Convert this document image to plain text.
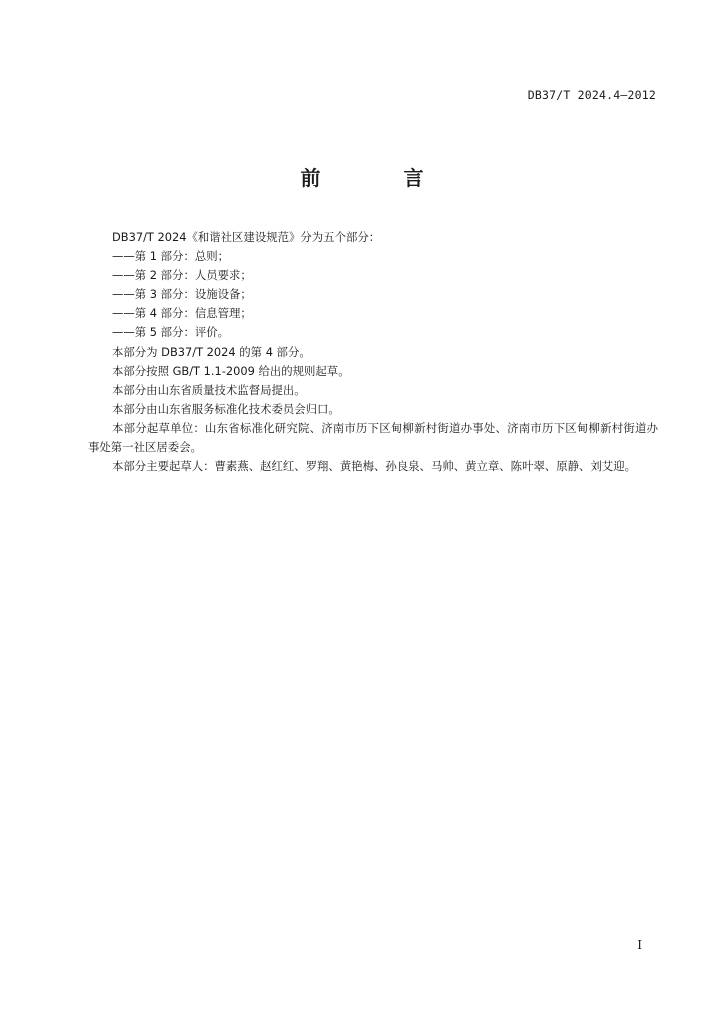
DB37/T 2024.4—2012
前 言

DB37/T 2024《和谐社区建设规范》分为五个部分：

——第 1 部分：总则；

——第 2 部分：人员要求；

——第 3 部分：设施设备；

——第 4 部分：信息管理；

——第 5 部分：评价。

本部分为 DB37/T 2024 的第 4 部分。

本部分按照 GB/T 1.1-2009 给出的规则起草。

本部分由山东省质量技术监督局提出。

本部分由山东省服务标准化技术委员会归口。

本部分起草单位：山东省标准化研究院、济南市历下区甸柳新村街道办事处、济南市历下区甸柳新村街道办事处第一社区居委会。

本部分主要起草人：曹素燕、赵红红、罗翔、黄艳梅、孙良泉、马帅、黄立章、陈叶翠、原静、刘艾迎。

I
